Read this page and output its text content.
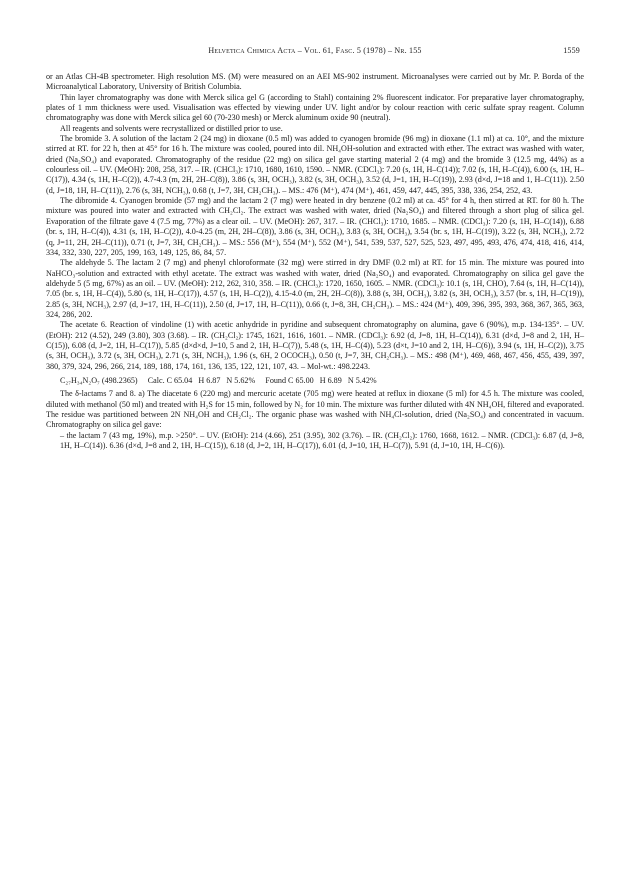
Helvetica Chimica Acta – Vol. 61, Fasc. 5 (1978) – Nr. 155	1559

or an Atlas CH-4B spectrometer. High resolution MS. (M) were measured on an AEI MS-902 instrument. Microanalyses were carried out by Mr. P. Borda of the Microanalytical Laboratory, University of British Columbia.

Thin layer chromatography was done with Merck silica gel G (according to Stahl) containing 2% fluorescent indicator. For preparative layer chromatography, plates of 1 mm thickness were used. Visualisation was effected by viewing under UV. light and/or by colour reaction with ceric sulfate spray reagent. Column chromatography was done with Merck silica gel 60 (70-230 mesh) or Merck aluminum oxide 90 (neutral).

All reagents and solvents were recrystallized or distilled prior to use.

The bromide 3. A solution of the lactam 2 (24 mg) in dioxane (0.5 ml) was added to cyanogen bromide (96 mg) in dioxane (1.1 ml) at ca. 10°, and the mixture stirred at RT. for 22 h, then at 45° for 16 h. The mixture was cooled, poured into dil. NH₄OH-solution and extracted with ether. The extract was washed with water, dried (Na₂SO₄) and evaporated. Chromatography of the residue (22 mg) on silica gel gave starting material 2 (4 mg) and the bromide 3 (12.5 mg, 44%) as a colourless oil. – UV. (MeOH): 208, 258, 317. – IR. (CHCl₃): 1710, 1680, 1610, 1590. – NMR. (CDCl₃): 7.20 (s, 1H, H–C(14)); 7.02 (s, 1H, H–C(4)), 6.00 (s, 1H, H–C(17)), 4.34 (s, 1H, H–C(2)), 4.7-4.3 (m, 2H, 2H–C(8)), 3.86 (s, 3H, OCH₃), 3.82 (s, 3H, OCH₃), 3.52 (d, J=1, 1H, H–C(19)), 2.93 (d×d, J=18 and 1, H–C(11)). 2.50 (d, J=18, 1H, H–C(11)), 2.76 (s, 3H, NCH₃), 0.68 (t, J=7, 3H, CH₂CH₃). – MS.: 476 (M⁺), 474 (M⁺), 461, 459, 447, 445, 395, 338, 336, 254, 252, 43.

The dibromide 4. Cyanogen bromide (57 mg) and the lactam 2 (7 mg) were heated in dry benzene (0.2 ml) at ca. 45° for 4 h, then stirred at RT. for 80 h. The mixture was poured into water and extracted with CH₂Cl₂. The extract was washed with water, dried (Na₂SO₄) and filtered through a short plug of silica gel. Evaporation of the filtrate gave 4 (7.5 mg, 77%) as a clear oil. – UV. (MeOH): 267, 317. – IR. (CHCl₃): 1710, 1685. – NMR. (CDCl₃): 7.20 (s, 1H, H–C(14)), 6.88 (br. s, 1H, H–C(4)), 4.31 (s, 1H, H–C(2)), 4.0-4.25 (m, 2H, 2H–C(8)), 3.86 (s, 3H, OCH₃), 3.83 (s, 3H, OCH₃), 3.54 (br. s, 1H, H–C(19)), 3.22 (s, 3H, NCH₃), 2.72 (q, J=11, 2H, 2H–C(11)), 0.71 (t, J=7, 3H, CH₂CH₃). – MS.: 556 (M⁺), 554 (M⁺), 552 (M⁺), 541, 539, 537, 527, 525, 523, 497, 495, 493, 476, 474, 418, 416, 414, 334, 332, 330, 227, 205, 199, 163, 149, 125, 86, 84, 57.

The aldehyde 5. The lactam 2 (7 mg) and phenyl chloroformate (32 mg) were stirred in dry DMF (0.2 ml) at RT. for 15 min. The mixture was poured into NaHCO₃-solution and extracted with ethyl acetate. The extract was washed with water, dried (Na₂SO₄) and evaporated. Chromatography on silica gel gave the aldehyde 5 (5 mg, 67%) as an oil. – UV. (MeOH): 212, 262, 310, 358. – IR. (CHCl₃): 1720, 1650, 1605. – NMR. (CDCl₃): 10.1 (s, 1H, CHO), 7.64 (s, 1H, H–C(14)), 7.05 (br. s, 1H, H–C(4)), 5.80 (s, 1H, H–C(17)), 4.57 (s, 1H, H–C(2)), 4.15-4.0 (m, 2H, 2H–C(8)), 3.88 (s, 3H, OCH₃), 3.82 (s, 3H, OCH₃), 3.57 (br. s, 1H, H–C(19)), 2.85 (s, 3H, NCH₃), 2.97 (d, J=17, 1H, H–C(11)), 2.50 (d, J=17, 1H, H–C(11)), 0.66 (t, J=8, 3H, CH₂CH₃). – MS.: 424 (M⁺), 409, 396, 395, 393, 368, 367, 365, 363, 324, 286, 202.

The acetate 6. Reaction of vindoline (1) with acetic anhydride in pyridine and subsequent chromatography on alumina, gave 6 (90%), m.p. 134-135°. – UV. (EtOH): 212 (4.52), 249 (3.80), 303 (3.68). – IR. (CH₂Cl₂): 1745, 1621, 1616, 1601. – NMR. (CDCl₃): 6.92 (d, J=8, 1H, H–C(14)), 6.31 (d×d, J=8 and 2, 1H, H–C(15)), 6.08 (d, J=2, 1H, H–C(17)), 5.85 (d×d×d, J=10, 5 and 2, 1H, H–C(7)), 5.48 (s, 1H, H–C(4)), 5.23 (d×t, J=10 and 2, 1H, H–C(6)), 3.94 (s, 1H, H–C(2)), 3.75 (s, 3H, OCH₃), 3.72 (s, 3H, OCH₃), 2.71 (s, 3H, NCH₃), 1.96 (s, 6H, 2 OCOCH₃), 0.50 (t, J=7, 3H, CH₂CH₃). – MS.: 498 (M⁺), 469, 468, 467, 456, 455, 439, 397, 380, 379, 324, 296, 266, 214, 189, 188, 174, 161, 136, 135, 122, 121, 107, 43. – Mol-wt.: 498.2243.

C₂₇H₃₄N₂O₇ (498.2365)     Calc. C 65.04   H 6.87   N 5.62%     Found C 65.00   H 6.89   N 5.42%

The δ-lactams 7 and 8. a) The diacetate 6 (220 mg) and mercuric acetate (705 mg) were heated at reflux in dioxane (5 ml) for 4.5 h. The mixture was cooled, diluted with methanol (50 ml) and treated with H₂S for 15 min, followed by N₂ for 10 min. The mixture was further diluted with 4N NH₄OH, filtered and evaporated. The residue was partitioned between 2N NH₄OH and CH₂Cl₂. The organic phase was washed with NH₄Cl-solution, dried (Na₂SO₄) and concentrated in vacuum. Chromatography on silica gel gave:

– the lactam 7 (43 mg, 19%), m.p. >250°. – UV. (EtOH): 214 (4.66), 251 (3.95), 302 (3.76). – IR. (CH₂Cl₂): 1760, 1668, 1612. – NMR. (CDCl₃): 6.87 (d, J=8, 1H, H–C(14)). 6.36 (d×d, J=8 and 2, 1H, H–C(15)), 6.18 (d, J=2, 1H, H–C(17)), 6.01 (d, J=10, 1H, H–C(7)), 5.91 (d, J=10, 1H, H–C(6)).
